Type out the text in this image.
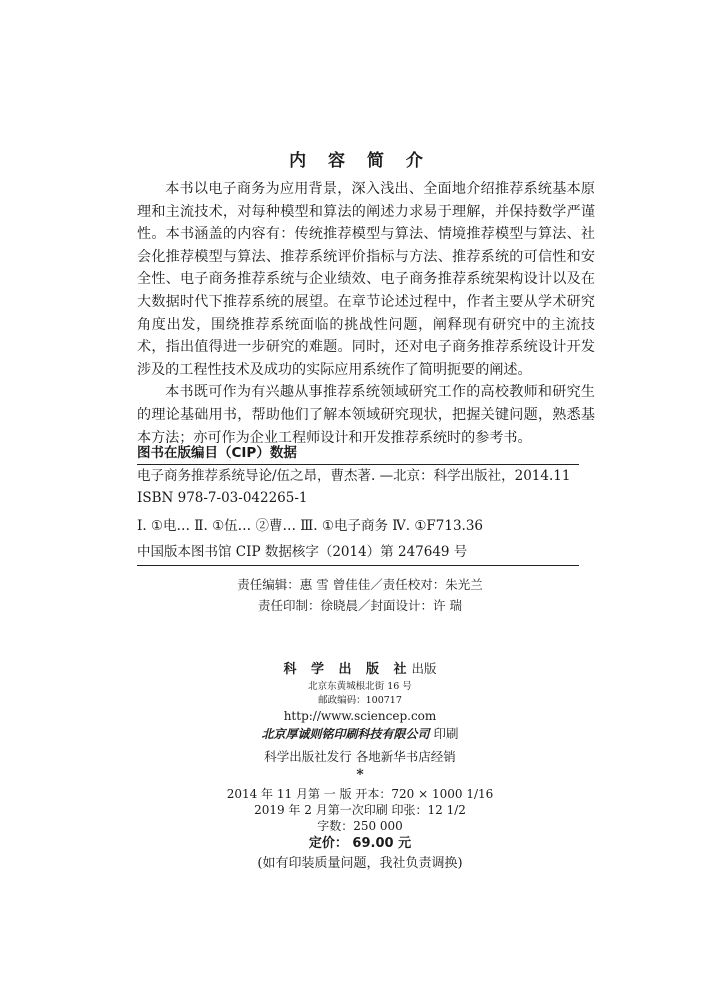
内 容 简 介

本书以电子商务为应用背景，深入浅出、全面地介绍推荐系统基本原理和主流技术，对每种模型和算法的阐述力求易于理解，并保持数学严谨性。本书涵盖的内容有：传统推荐模型与算法、情境推荐模型与算法、社会化推荐模型与算法、推荐系统评价指标与方法、推荐系统的可信性和安全性、电子商务推荐系统与企业绩效、电子商务推荐系统架构设计以及在大数据时代下推荐系统的展望。在章节论述过程中，作者主要从学术研究角度出发，围绕推荐系统面临的挑战性问题，阐释现有研究中的主流技术，指出值得进一步研究的难题。同时，还对电子商务推荐系统设计开发涉及的工程性技术及成功的实际应用系统作了简明扼要的阐述。

本书既可作为有兴趣从事推荐系统领域研究工作的高校教师和研究生的理论基础用书，帮助他们了解本领域研究现状，把握关键问题，熟悉基本方法；亦可作为企业工程师设计和开发推荐系统时的参考书。

图书在版编目（CIP）数据
电子商务推荐系统导论/伍之昂，曹杰著. —北京：科学出版社，2014.11
ISBN 978-7-03-042265-1
Ⅰ. ①电… Ⅱ. ①伍… ②曹… Ⅲ. ①电子商务 Ⅳ. ①F713.36
中国版本图书馆 CIP 数据核字（2014）第 247649 号
责任编辑：惠 雪 曾佳佳／责任校对：朱光兰
责任印制：徐晓晨／封面设计：许 瑞
科 学 出 版 社出版
北京东黄城根北街 16 号
邮政编码：100717
http://www.sciencep.com
北京厚诚则铭印刷科技有限公司 印刷
科学出版社发行 各地新华书店经销
*
2014 年 11 月第 一 版 开本：720 × 1000 1/16
2019 年 2 月第一次印刷 印张：12 1/2
字数：250 000
定价： 69.00 元
(如有印装质量问题，我社负责调换)
